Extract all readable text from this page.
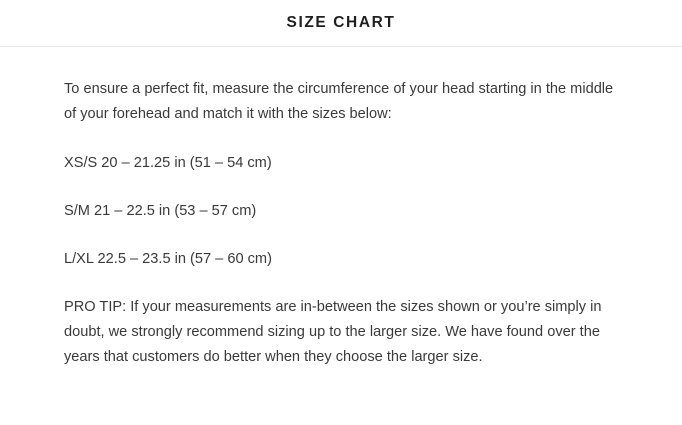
SIZE CHART

To ensure a perfect fit, measure the circumference of your head starting in the middle of your forehead and match it with the sizes below:

XS/S 20 – 21.25 in (51 – 54 cm)

S/M 21 – 22.5 in (53 – 57 cm)

L/XL 22.5 – 23.5 in (57 – 60 cm)

PRO TIP: If your measurements are in-between the sizes shown or you’re simply in doubt, we strongly recommend sizing up to the larger size. We have found over the years that customers do better when they choose the larger size.
